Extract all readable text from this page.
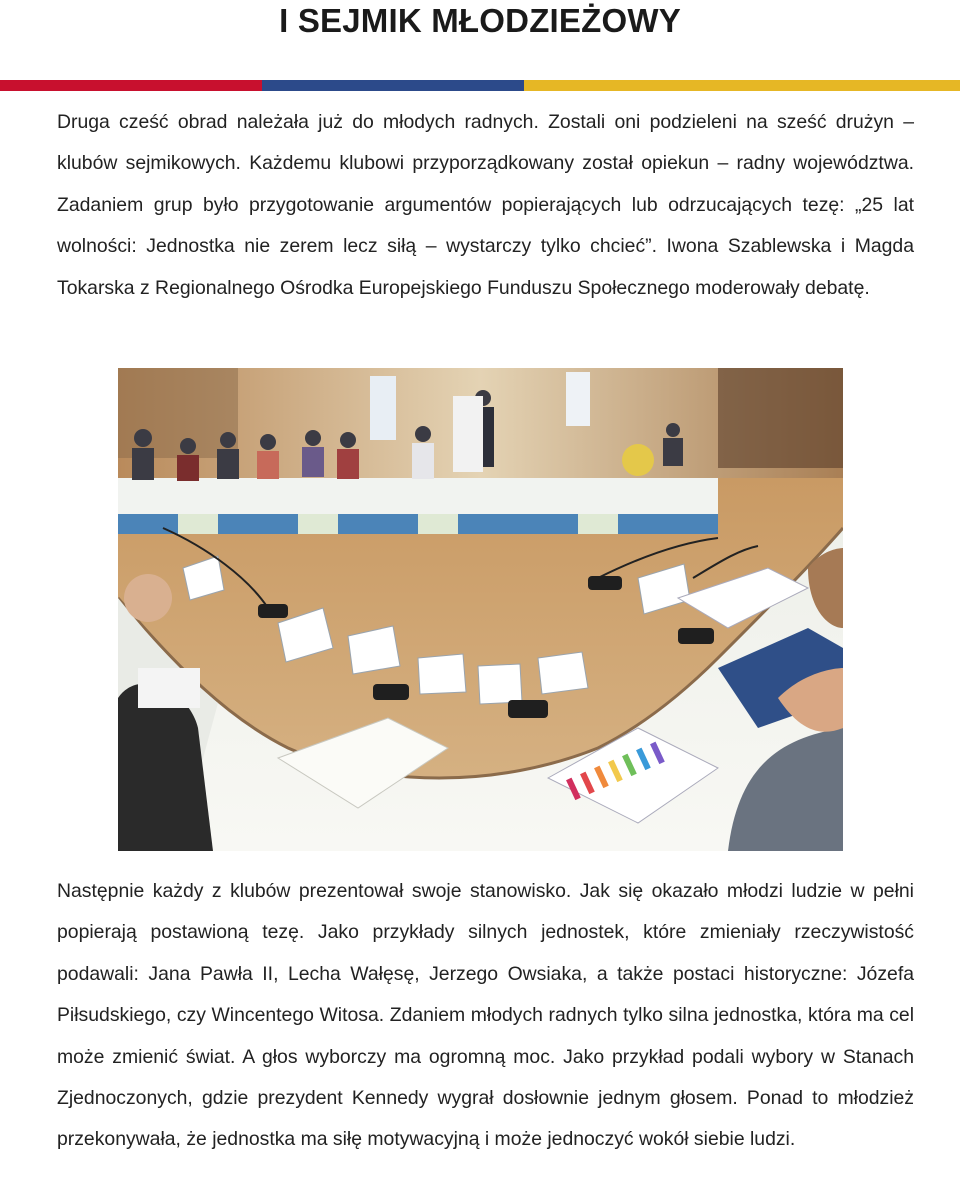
I SEJMIK MŁODZIEŻOWY

Druga cześć obrad należała już do młodych radnych. Zostali oni podzieleni na sześć drużyn – klubów sejmikowych. Każdemu klubowi przyporządkowany został opiekun – radny województwa. Zadaniem grup było przygotowanie argumentów popierających lub odrzucających tezę: „25 lat wolności: Jednostka nie zerem lecz siłą – wystarczy tylko chcieć”. Iwona Szablewska i Magda Tokarska z Regionalnego Ośrodka Europejskiego Funduszu Społecznego moderowały debatę.

Następnie każdy z klubów prezentował swoje stanowisko. Jak się okazało młodzi ludzie w pełni popierają postawioną tezę. Jako przykłady silnych jednostek, które zmieniały rzeczywistość podawali: Jana Pawła II, Lecha Wałęsę, Jerzego Owsiaka, a także postaci historyczne: Józefa Piłsudskiego, czy Wincentego Witosa. Zdaniem młodych radnych tylko silna jednostka, która ma cel może zmienić świat. A głos wyborczy ma ogromną moc. Jako przykład podali wybory w Stanach Zjednoczonych, gdzie prezydent Kennedy wygrał dosłownie jednym głosem. Ponad to młodzież przekonywała, że jednostka ma siłę motywacyjną i może jednoczyć wokół siebie ludzi.
